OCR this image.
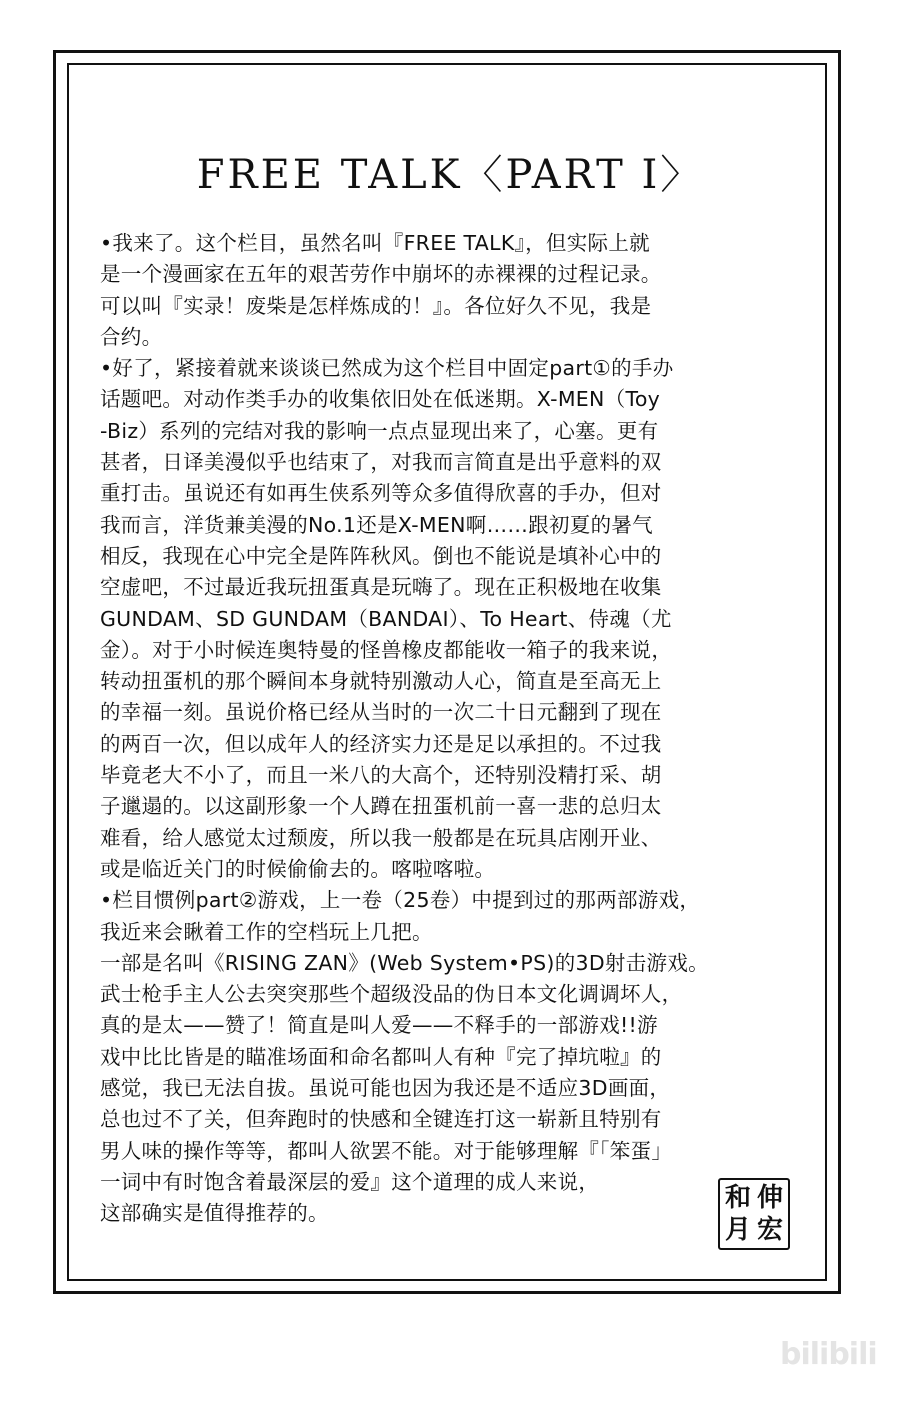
FREE TALK〈PART Ⅰ〉
•我来了。这个栏目，虽然名叫『FREE TALK』，但实际上就
是一个漫画家在五年的艰苦劳作中崩坏的赤裸裸的过程记录。
可以叫『实录！废柴是怎样炼成的！』。各位好久不见，我是
合约。
•好了，紧接着就来谈谈已然成为这个栏目中固定part①的手办
话题吧。对动作类手办的收集依旧处在低迷期。X-MEN（Toy
-Biz）系列的完结对我的影响一点点显现出来了，心塞。更有
甚者，日译美漫似乎也结束了，对我而言简直是出乎意料的双
重打击。虽说还有如再生侠系列等众多值得欣喜的手办，但对
我而言，洋货兼美漫的No.1还是X-MEN啊……跟初夏的暑气
相反，我现在心中完全是阵阵秋风。倒也不能说是填补心中的
空虚吧，不过最近我玩扭蛋真是玩嗨了。现在正积极地在收集
GUNDAM、SD GUNDAM（BANDAI）、To Heart、侍魂（尤
金）。对于小时候连奥特曼的怪兽橡皮都能收一箱子的我来说，
转动扭蛋机的那个瞬间本身就特别激动人心，简直是至高无上
的幸福一刻。虽说价格已经从当时的一次二十日元翻到了现在
的两百一次，但以成年人的经济实力还是足以承担的。不过我
毕竟老大不小了，而且一米八的大高个，还特别没精打采、胡
子邋遢的。以这副形象一个人蹲在扭蛋机前一喜一悲的总归太
难看，给人感觉太过颓废，所以我一般都是在玩具店刚开业、
或是临近关门的时候偷偷去的。喀啦喀啦。
•栏目惯例part②游戏，上一卷（25卷）中提到过的那两部游戏，
我近来会瞅着工作的空档玩上几把。
一部是名叫《RISING ZAN》(Web System•PS)的3D射击游戏。
武士枪手主人公去突突那些个超级没品的伪日本文化调调坏人，
真的是太——赞了！简直是叫人爱——不释手的一部游戏!!游
戏中比比皆是的瞄准场面和命名都叫人有种『完了掉坑啦』的
感觉，我已无法自拔。虽说可能也因为我还是不适应3D画面，
总也过不了关，但奔跑时的快感和全键连打这一崭新且特别有
男人味的操作等等，都叫人欲罢不能。对于能够理解『「笨蛋」
一词中有时饱含着最深层的爱』这个道理的成人来说，
这部确实是值得推荐的。
和 伸
月 宏
bilibili
